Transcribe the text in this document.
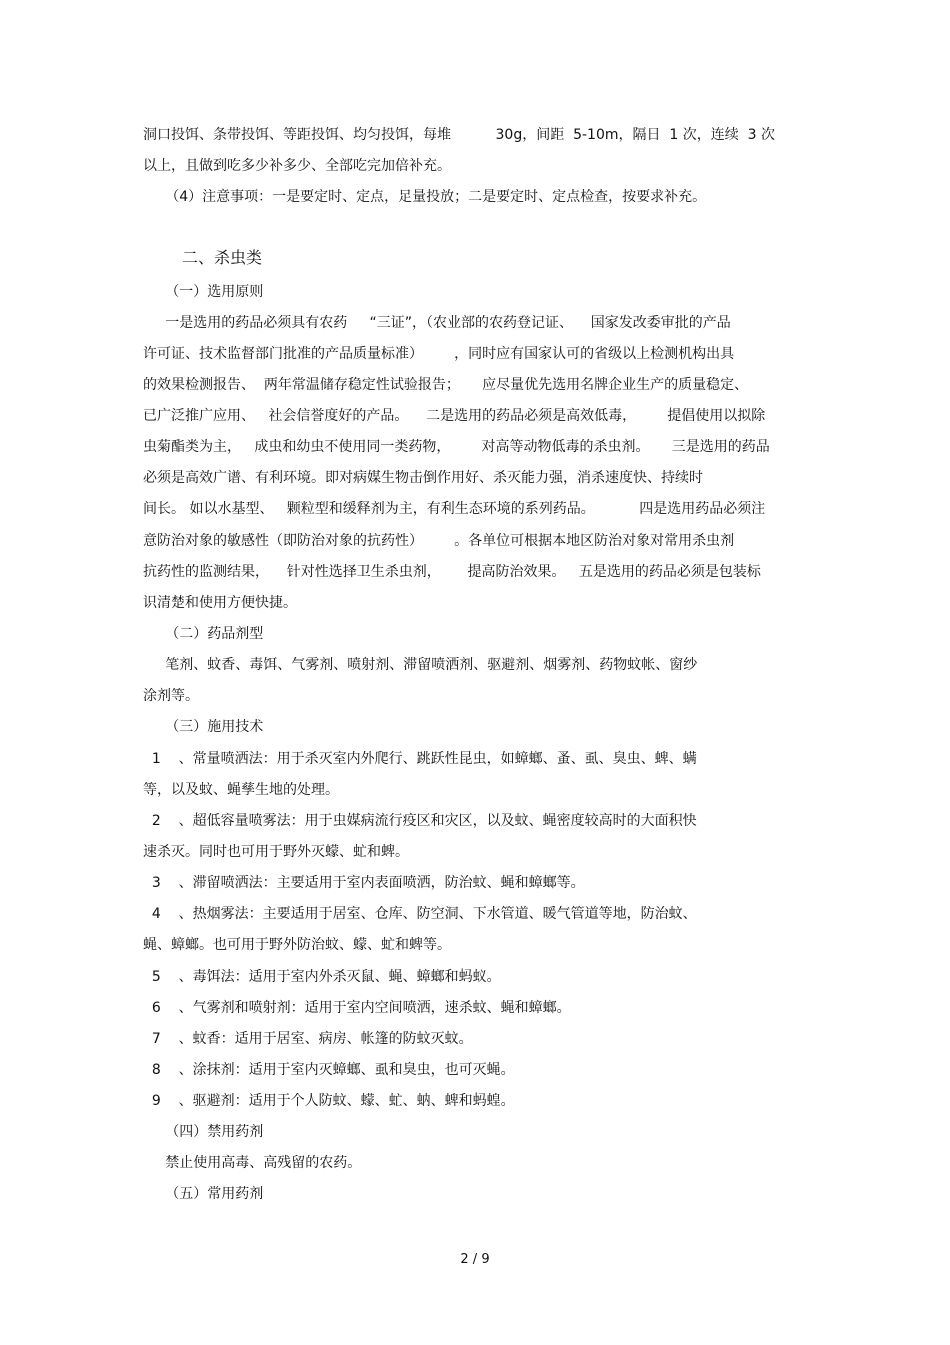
洞口投饵、条带投饵、等距投饵、均匀投饵，每堆          30g，间距  5-10m，隔日  1 次，连续  3 次
以上，且做到吃多少补多少、全部吃完加倍补充。
（4）注意事项：一是要定时、定点，足量投放；二是要定时、定点检查，按要求补充。
二、杀虫类
（一）选用原则
一是选用的药品必须具有农药     “三证”，（农业部的农药登记证、    国家发改委审批的产品
许可证、技术监督部门批准的产品质量标准）       ，同时应有国家认可的省级以上检测机构出具
的效果检测报告、  两年常温储存稳定性试验报告；     应尽量优先选用名牌企业生产的质量稳定、
已广泛推广应用、   社会信誉度好的产品。    二是选用的药品必须是高效低毒，       提倡使用以拟除
虫菊酯类为主，   成虫和幼虫不使用同一类药物，       对高等动物低毒的杀虫剂。     三是选用的药品
必须是高效广谱、有利环境。即对病媒生物击倒作用好、杀灭能力强，消杀速度快、持续时
间长。 如以水基型、   颗粒型和缓释剂为主，有利生态环境的系列药品。          四是选用药品必须注
意防治对象的敏感性（即防治对象的抗药性）       。各单位可根据本地区防治对象对常用杀虫剂
抗药性的监测结果，    针对性选择卫生杀虫剂，      提高防治效果。   五是选用的药品必须是包装标
识清楚和使用方便快捷。
（二）药品剂型
笔剂、蚊香、毒饵、气雾剂、喷射剂、滞留喷洒剂、驱避剂、烟雾剂、药物蚊帐、窗纱
涂剂等。
（三）施用技术
1    、常量喷洒法：用于杀灭室内外爬行、跳跃性昆虫，如蟑螂、蚤、虱、臭虫、蜱、螨
等，以及蚊、蝇孳生地的处理。
2    、超低容量喷雾法：用于虫媒病流行疫区和灾区，以及蚊、蝇密度较高时的大面积快
速杀灭。同时也可用于野外灭蠓、虻和蜱。
3    、滞留喷洒法：主要适用于室内表面喷洒，防治蚊、蝇和蟑螂等。
4    、热烟雾法：主要适用于居室、仓库、防空洞、下水管道、暖气管道等地，防治蚊、
蝇、蟑螂。也可用于野外防治蚊、蠓、虻和蜱等。
5    、毒饵法：适用于室内外杀灭鼠、蝇、蟑螂和蚂蚁。
6    、气雾剂和喷射剂：适用于室内空间喷洒，速杀蚊、蝇和蟑螂。
7    、蚊香：适用于居室、病房、帐篷的防蚊灭蚊。
8    、涂抹剂：适用于室内灭蟑螂、虱和臭虫，也可灭蝇。
9    、驱避剂：适用于个人防蚊、蠓、虻、蚋、蜱和蚂蝗。
（四）禁用药剂
禁止使用高毒、高残留的农药。
（五）常用药剂
2 / 9
